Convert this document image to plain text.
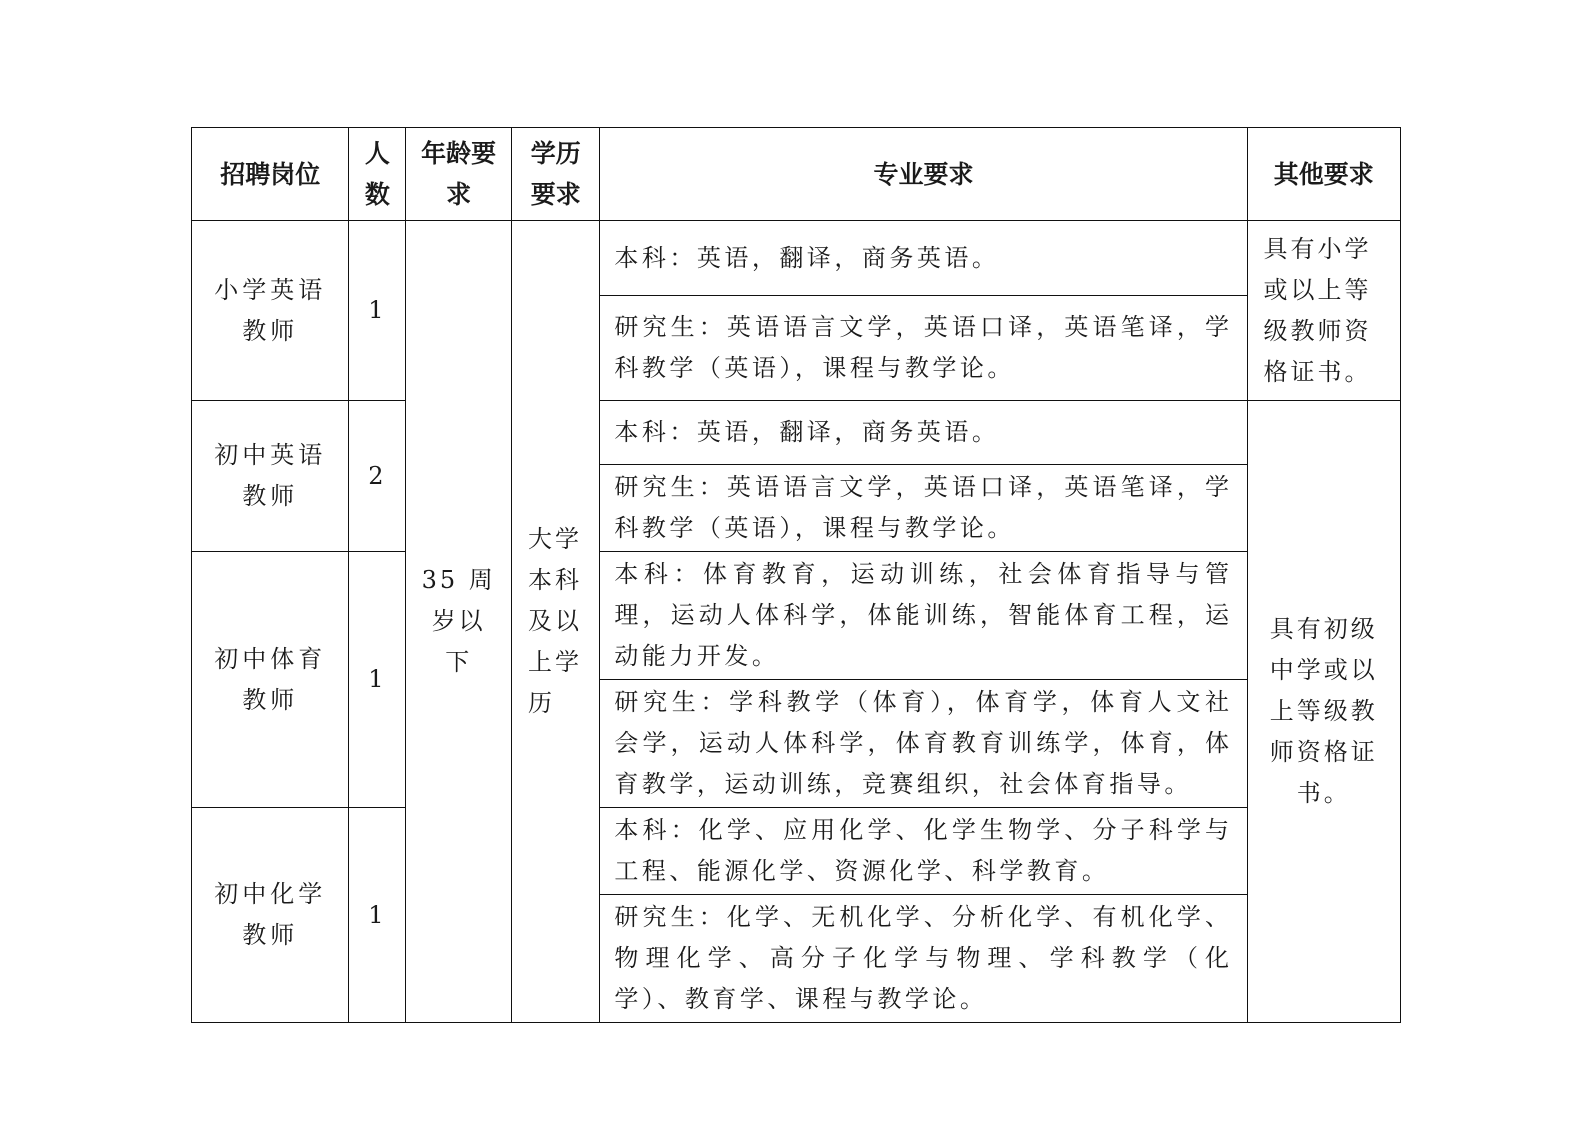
招聘岗位	人数	年龄要求	学历要求	专业要求	其他要求
小学英语教师	1	35 周岁以下	大学本科及以上学历	本科：英语，翻译，商务英语。	具有小学或以上等级教师资格证书。
				研究生：英语语言文学，英语口译，英语笔译，学科教学（英语），课程与教学论。	
初中英语教师	2			本科：英语，翻译，商务英语。	具有初级中学或以上等级教师资格证书。
				研究生：英语语言文学，英语口译，英语笔译，学科教学（英语），课程与教学论。	
初中体育教师	1			本科：体育教育，运动训练，社会体育指导与管理，运动人体科学，体能训练，智能体育工程，运动能力开发。	
				研究生：学科教学（体育），体育学，体育人文社会学，运动人体科学，体育教育训练学，体育，体育教学，运动训练，竞赛组织，社会体育指导。	
初中化学教师	1			本科：化学、应用化学、化学生物学、分子科学与工程、能源化学、资源化学、科学教育。	
				研究生：化学、无机化学、分析化学、有机化学、物理化学、高分子化学与物理、学科教学（化学）、教育学、课程与教学论。	
